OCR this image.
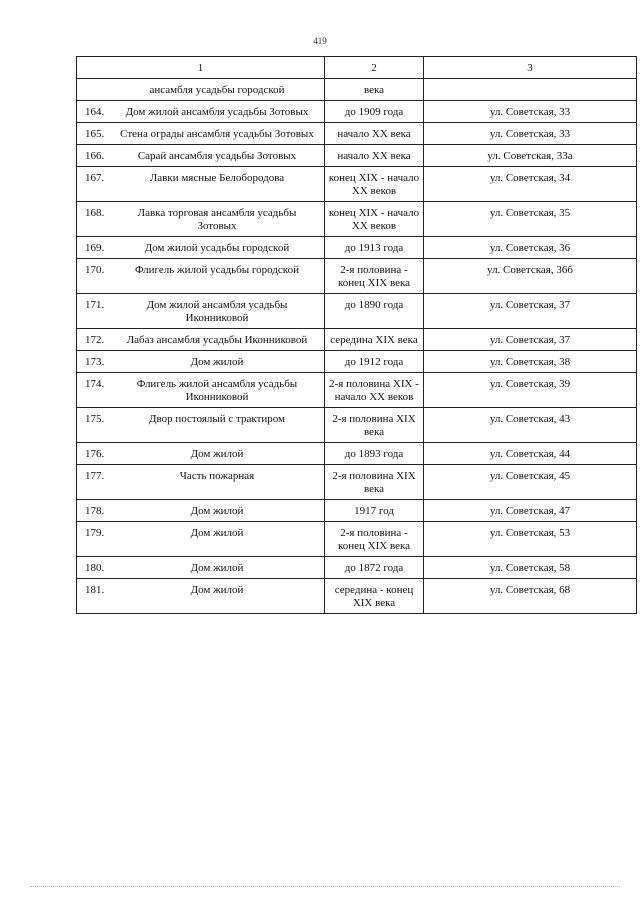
419
1	2	3
ансамбля усадьбы городской	века	
164. Дом жилой ансамбля усадьбы Зотовых	до 1909 года	ул. Советская, 33
165. Стена ограды ансамбля усадьбы Зотовых	начало XX века	ул. Советская, 33
166. Сарай ансамбля усадьбы Зотовых	начало XX века	ул. Советская, 33а
167. Лавки мясные Белобородова	конец XIX - начало XX веков	ул. Советская, 34
168. Лавка торговая ансамбля усадьбы Зотовых	конец XIX - начало XX веков	ул. Советская, 35
169. Дом жилой усадьбы городской	до 1913 года	ул. Советская, 36
170. Флигель жилой усадьбы городской	2-я половина - конец XIX века	ул. Советская, 36б
171. Дом жилой ансамбля усадьбы Иконниковой	до 1890 года	ул. Советская, 37
172. Лабаз ансамбля усадьбы Иконниковой	середина XIX века	ул. Советская, 37
173. Дом жилой	до 1912 года	ул. Советская, 38
174. Флигель жилой ансамбля усадьбы Иконниковой	2-я половина XIX - начало XX веков	ул. Советская, 39
175. Двор постоялый с трактиром	2-я половина XIX века	ул. Советская, 43
176. Дом жилой	до 1893 года	ул. Советская, 44
177. Часть пожарная	2-я половина XIX века	ул. Советская, 45
178. Дом жилой	1917 год	ул. Советская, 47
179. Дом жилой	2-я половина - конец XIX века	ул. Советская, 53
180. Дом жилой	до 1872 года	ул. Советская, 58
181. Дом жилой	середина - конец XIX века	ул. Советская, 68
